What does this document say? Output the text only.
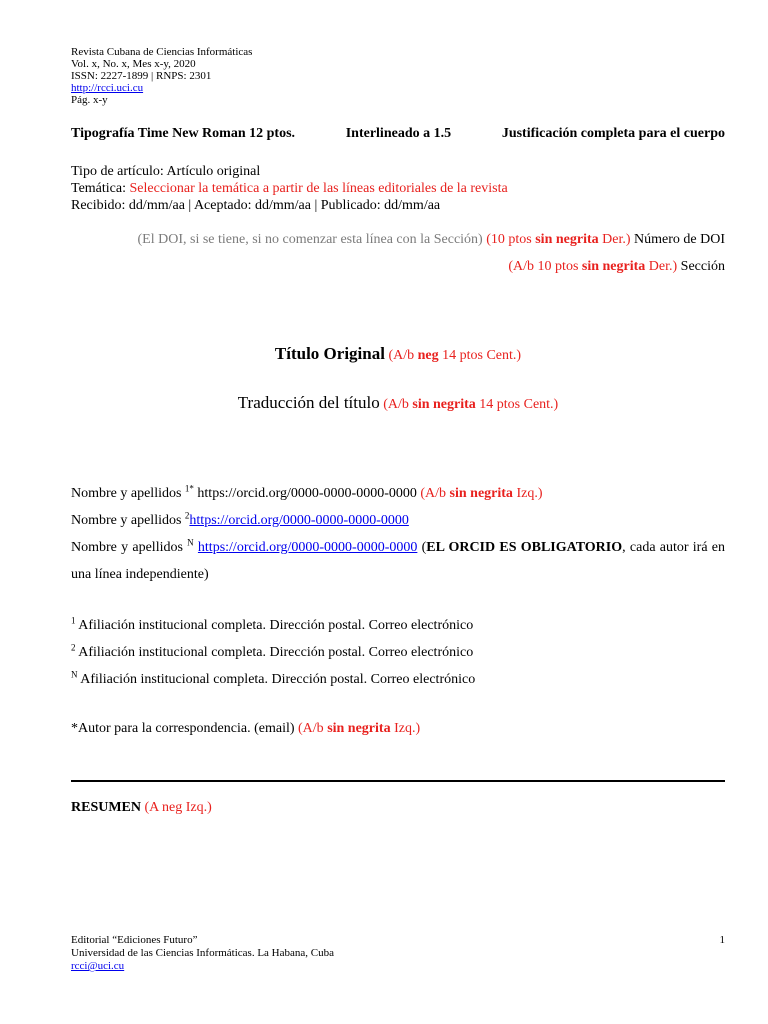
Revista Cubana de Ciencias Informáticas
Vol. x, No. x, Mes x-y, 2020
ISSN: 2227-1899 | RNPS: 2301
http://rcci.uci.cu
Pág. x-y
Tipografía Time New Roman 12 ptos.	Interlineado a 1.5	Justificación completa para el cuerpo
Tipo de artículo: Artículo original
Temática: Seleccionar la temática a partir de las líneas editoriales de la revista
Recibido: dd/mm/aa | Aceptado: dd/mm/aa | Publicado: dd/mm/aa
(El DOI, si se tiene, si no comenzar esta línea con la Sección) (10 ptos sin negrita Der.) Número de DOI
(A/b 10 ptos sin negrita Der.) Sección
Título Original (A/b neg 14 ptos Cent.)
Traducción del título (A/b sin negrita 14 ptos Cent.)
Nombre y apellidos $^{1*}$ https://orcid.org/0000-0000-0000-0000 (A/b sin negrita Izq.)
Nombre y apellidos $^2$https://orcid.org/0000-0000-0000-0000
Nombre y apellidos $^N$ https://orcid.org/0000-0000-0000-0000 (EL ORCID ES OBLIGATORIO, cada autor irá en una línea independiente)
$^1$ Afiliación institucional completa. Dirección postal. Correo electrónico
$^2$ Afiliación institucional completa. Dirección postal. Correo electrónico
$^N$ Afiliación institucional completa. Dirección postal. Correo electrónico
*Autor para la correspondencia. (email) (A/b sin negrita Izq.)
RESUMEN (A neg Izq.)
Editorial “Ediciones Futuro”
Universidad de las Ciencias Informáticas. La Habana, Cuba
rcci@uci.cu
1
